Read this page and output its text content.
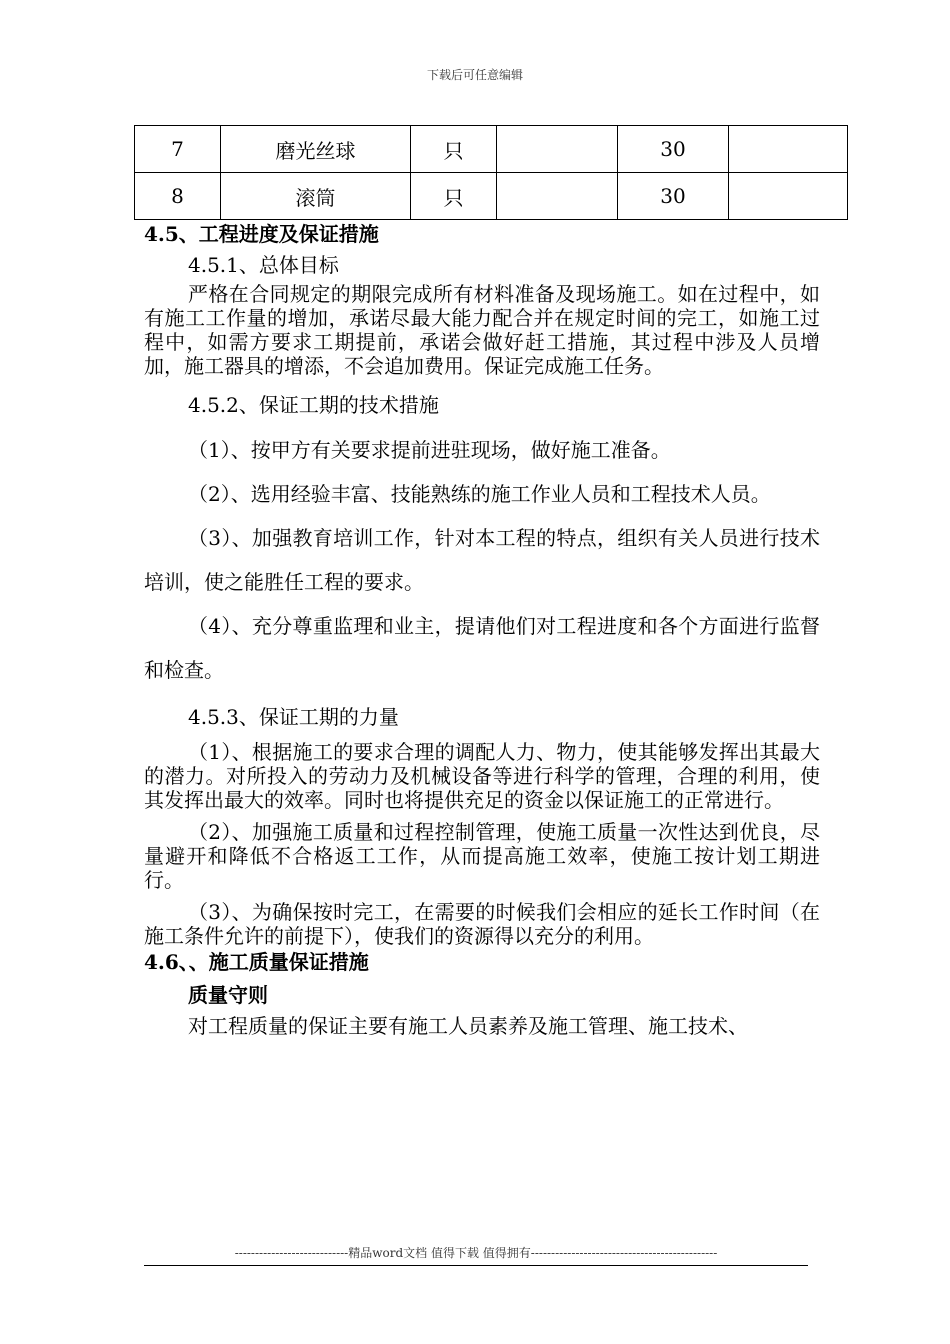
下载后可任意编辑
7	磨光丝球	只		30	
8	滚筒	只		30	

4.5、工程进度及保证措施

4.5.1、总体目标

严格在合同规定的期限完成所有材料准备及现场施工。如在过程中，如有施工工作量的增加，承诺尽最大能力配合并在规定时间的完工，如施工过程中，如需方要求工期提前，承诺会做好赶工措施，其过程中涉及人员增加，施工器具的增添，不会追加费用。保证完成施工任务。

4.5.2、保证工期的技术措施

（1）、按甲方有关要求提前进驻现场，做好施工准备。

（2）、选用经验丰富、技能熟练的施工作业人员和工程技术人员。

（3）、加强教育培训工作，针对本工程的特点，组织有关人员进行技术培训，使之能胜任工程的要求。

（4）、充分尊重监理和业主，提请他们对工程进度和各个方面进行监督和检查。

4.5.3、保证工期的力量

（1）、根据施工的要求合理的调配人力、物力，使其能够发挥出其最大的潜力。对所投入的劳动力及机械设备等进行科学的管理，合理的利用，使其发挥出最大的效率。同时也将提供充足的资金以保证施工的正常进行。

（2）、加强施工质量和过程控制管理，使施工质量一次性达到优良，尽量避开和降低不合格返工工作，从而提高施工效率，使施工按计划工期进行。

（3）、为确保按时完工，在需要的时候我们会相应的延长工作时间（在施工条件允许的前提下），使我们的资源得以充分的利用。

4.6、、施工质量保证措施

质量守则

对工程质量的保证主要有施工人员素养及施工管理、施工技术、

----------------------------精品word文档 值得下载 值得拥有----------------------------------------------
